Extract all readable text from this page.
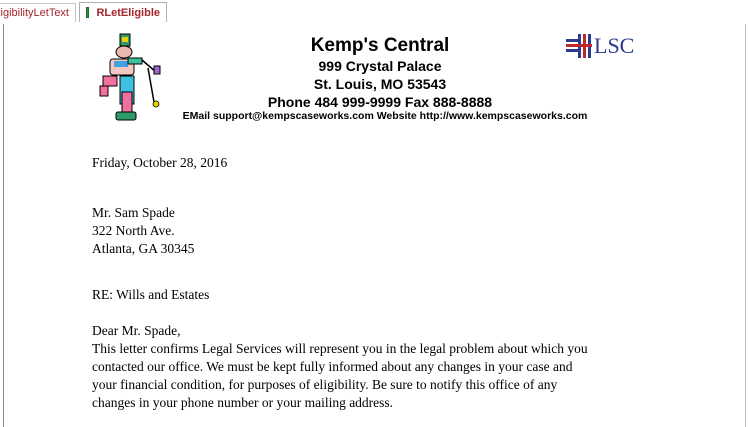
igibilityLetText RLetEligible
Kemp's Central
999 Crystal Palace
St. Louis, MO 53543
Phone 484 999-9999 Fax 888-8888
EMail support@kempscaseworks.com Website http://www.kempscaseworks.com
LSC
Friday, October 28, 2016
Mr. Sam Spade
322 North Ave.
Atlanta, GA 30345
RE: Wills and Estates
Dear Mr. Spade,
This letter confirms Legal Services will represent you in the legal problem about which you
contacted our office. We must be kept fully informed about any changes in your case and
your financial condition, for purposes of eligibility. Be sure to notify this office of any
changes in your phone number or your mailing address.
